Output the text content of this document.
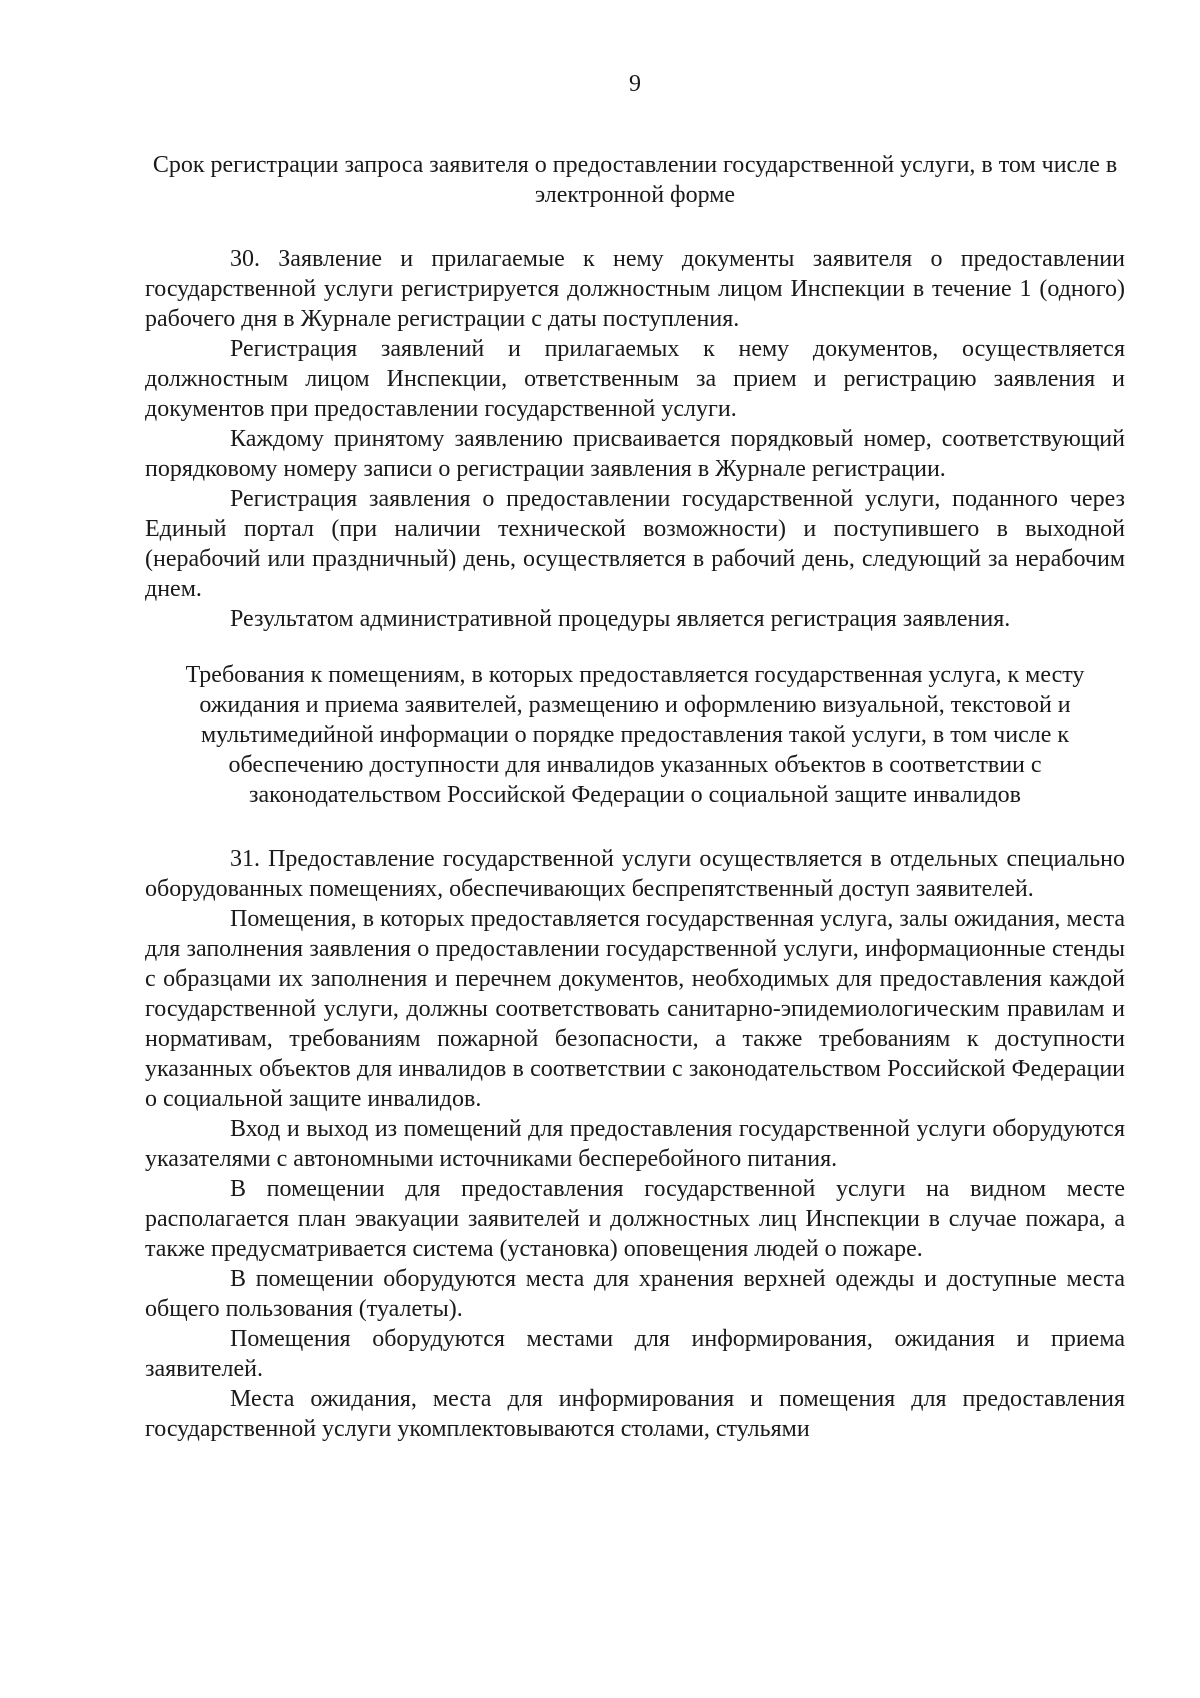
9

Срок регистрации запроса заявителя о предоставлении государственной услуги, в том числе в электронной форме

30. Заявление и прилагаемые к нему документы заявителя о предоставлении государственной услуги регистрируется должностным лицом Инспекции в течение 1 (одного) рабочего дня в Журнале регистрации с даты поступления.

Регистрация заявлений и прилагаемых к нему документов, осуществляется должностным лицом Инспекции, ответственным за прием и регистрацию заявления и документов при предоставлении государственной услуги.

Каждому принятому заявлению присваивается порядковый номер, соответствующий порядковому номеру записи о регистрации заявления в Журнале регистрации.

Регистрация заявления о предоставлении государственной услуги, поданного через Единый портал (при наличии технической возможности) и поступившего в выходной (нерабочий или праздничный) день, осуществляется в рабочий день, следующий за нерабочим днем.

Результатом административной процедуры является регистрация заявления.

Требования к помещениям, в которых предоставляется государственная услуга, к месту ожидания и приема заявителей, размещению и оформлению визуальной, текстовой и мультимедийной информации о порядке предоставления такой услуги, в том числе к обеспечению доступности для инвалидов указанных объектов в соответствии с законодательством Российской Федерации о социальной защите инвалидов

31. Предоставление государственной услуги осуществляется в отдельных специально оборудованных помещениях, обеспечивающих беспрепятственный доступ заявителей.

Помещения, в которых предоставляется государственная услуга, залы ожидания, места для заполнения заявления о предоставлении государственной услуги, информационные стенды с образцами их заполнения и перечнем документов, необходимых для предоставления каждой государственной услуги, должны соответствовать санитарно-эпидемиологическим правилам и нормативам, требованиям пожарной безопасности, а также требованиям к доступности указанных объектов для инвалидов в соответствии с законодательством Российской Федерации о социальной защите инвалидов.

Вход и выход из помещений для предоставления государственной услуги оборудуются указателями с автономными источниками бесперебойного питания.

В помещении для предоставления государственной услуги на видном месте располагается план эвакуации заявителей и должностных лиц Инспекции в случае пожара, а также предусматривается система (установка) оповещения людей о пожаре.

В помещении оборудуются места для хранения верхней одежды и доступные места общего пользования (туалеты).

Помещения оборудуются местами для информирования, ожидания и приема заявителей.

Места ожидания, места для информирования и помещения для предоставления государственной услуги укомплектовываются столами, стульями
